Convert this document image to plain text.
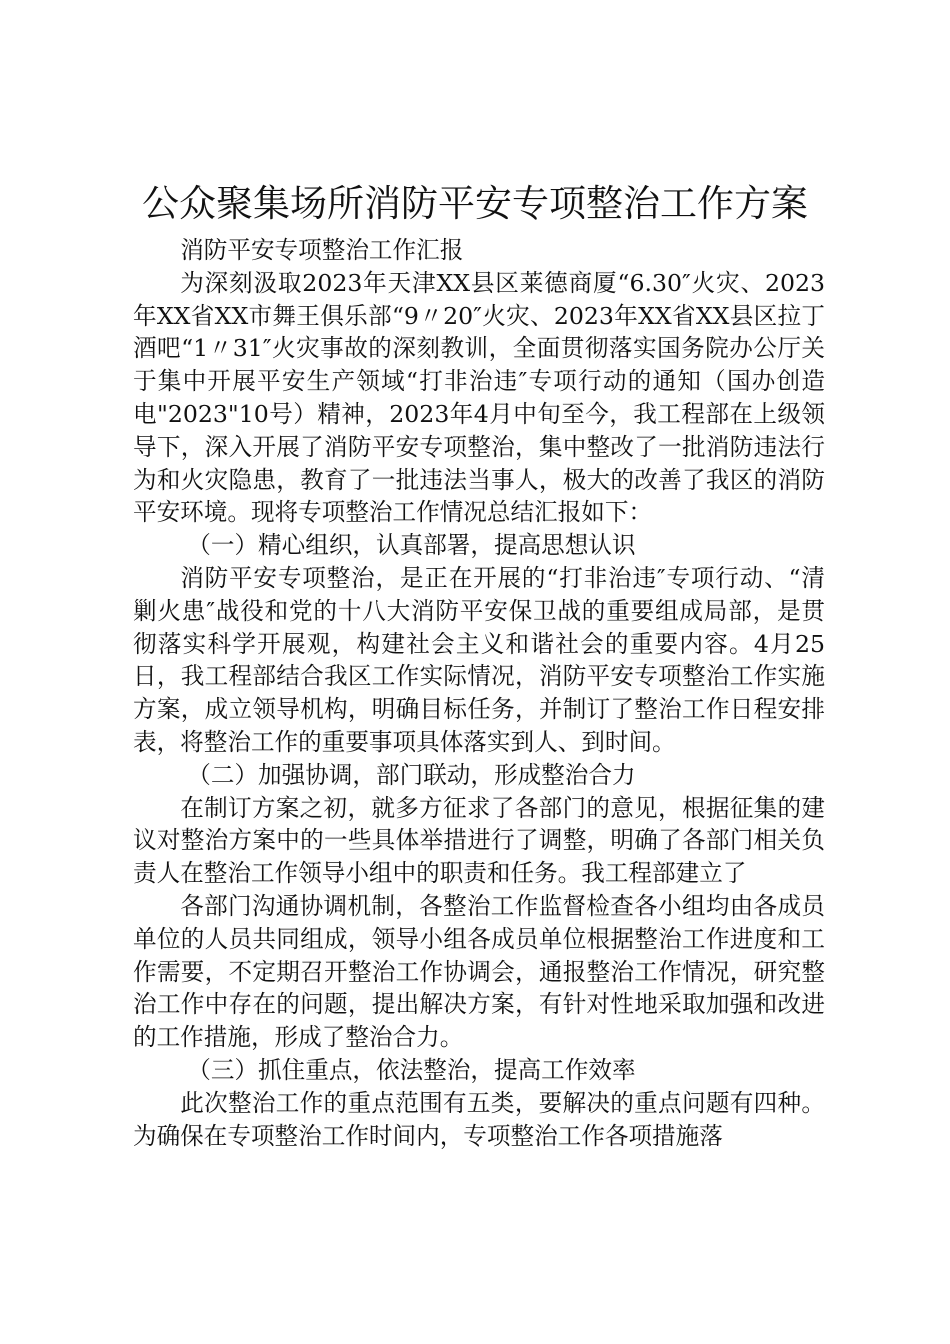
公众聚集场所消防平安专项整治工作方案

消防平安专项整治工作汇报

为深刻汲取2023年天津XX县区莱德商厦“6.30″火灾、2023年XX省XX市舞王俱乐部“9〃20″火灾、2023年XX省XX县区拉丁酒吧“1〃31″火灾事故的深刻教训，全面贯彻落实国务院办公厅关于集中开展平安生产领域“打非治违″专项行动的通知（国办创造电"2023"10号）精神，2023年4月中旬至今，我工程部在上级领导下，深入开展了消防平安专项整治，集中整改了一批消防违法行为和火灾隐患，教育了一批违法当事人，极大的改善了我区的消防平安环境。现将专项整治工作情况总结汇报如下：

（一）精心组织，认真部署，提高思想认识

消防平安专项整治，是正在开展的“打非治违″专项行动、“清剿火患″战役和党的十八大消防平安保卫战的重要组成局部，是贯彻落实科学开展观，构建社会主义和谐社会的重要内容。4月25日，我工程部结合我区工作实际情况，消防平安专项整治工作实施方案，成立领导机构，明确目标任务，并制订了整治工作日程安排表，将整治工作的重要事项具体落实到人、到时间。

（二）加强协调，部门联动，形成整治合力

在制订方案之初，就多方征求了各部门的意见，根据征集的建议对整治方案中的一些具体举措进行了调整，明确了各部门相关负责人在整治工作领导小组中的职责和任务。我工程部建立了

各部门沟通协调机制，各整治工作监督检查各小组均由各成员单位的人员共同组成，领导小组各成员单位根据整治工作进度和工作需要，不定期召开整治工作协调会，通报整治工作情况，研究整治工作中存在的问题，提出解决方案，有针对性地采取加强和改进的工作措施，形成了整治合力。

（三）抓住重点，依法整治，提高工作效率

此次整治工作的重点范围有五类，要解决的重点问题有四种。为确保在专项整治工作时间内，专项整治工作各项措施落
